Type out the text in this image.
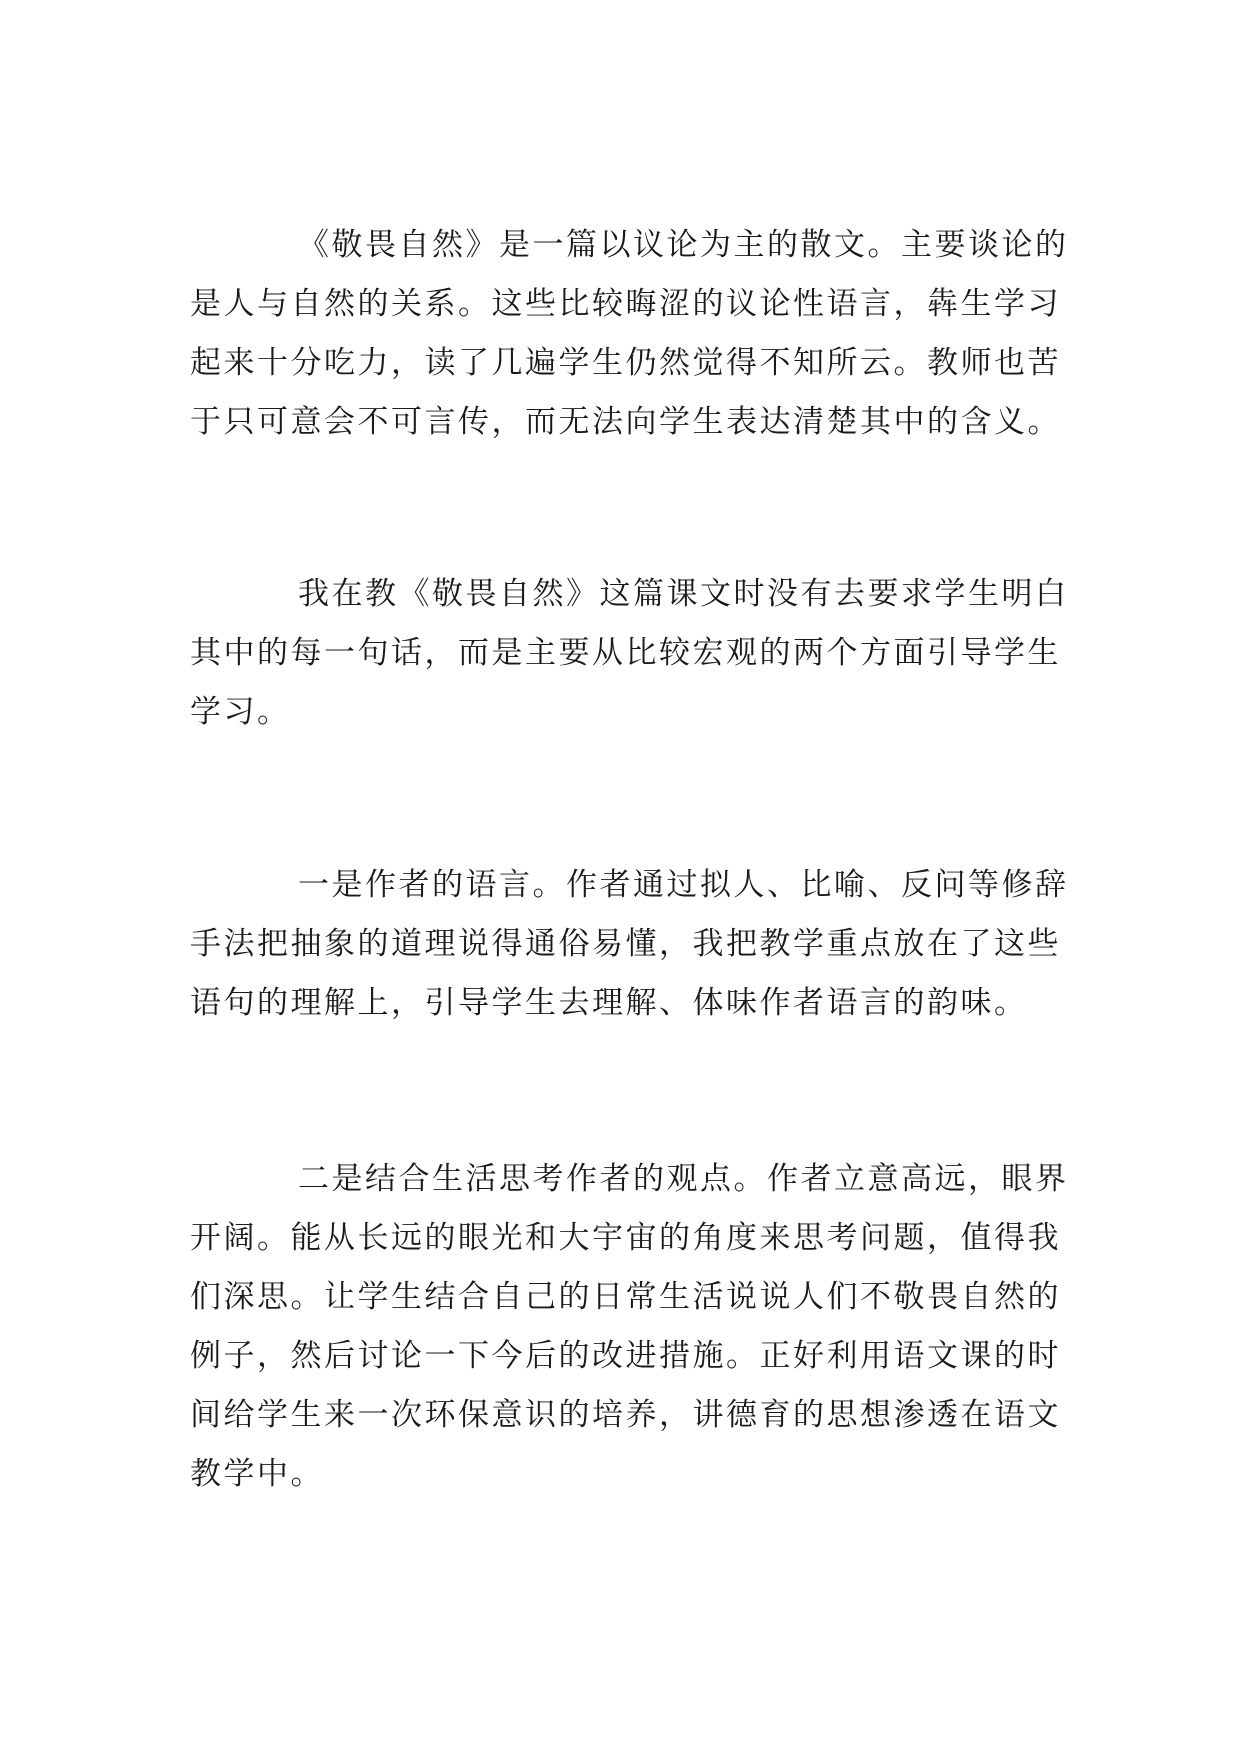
《敬畏自然》是一篇以议论为主的散文。主要谈论的
是人与自然的关系。这些比较晦涩的议论性语言，犇生学习
起来十分吃力，读了几遍学生仍然觉得不知所云。教师也苦
于只可意会不可言传，而无法向学生表达清楚其中的含义。
我在教《敬畏自然》这篇课文时没有去要求学生明白
其中的每一句话，而是主要从比较宏观的两个方面引导学生
学习。
一是作者的语言。作者通过拟人、比喻、反问等修辞
手法把抽象的道理说得通俗易懂，我把教学重点放在了这些
语句的理解上，引导学生去理解、体味作者语言的韵味。
二是结合生活思考作者的观点。作者立意高远，眼界
开阔。能从长远的眼光和大宇宙的角度来思考问题，值得我
们深思。让学生结合自己的日常生活说说人们不敬畏自然的
例子，然后讨论一下今后的改进措施。正好利用语文课的时
间给学生来一次环保意识的培养，讲德育的思想渗透在语文
教学中。
